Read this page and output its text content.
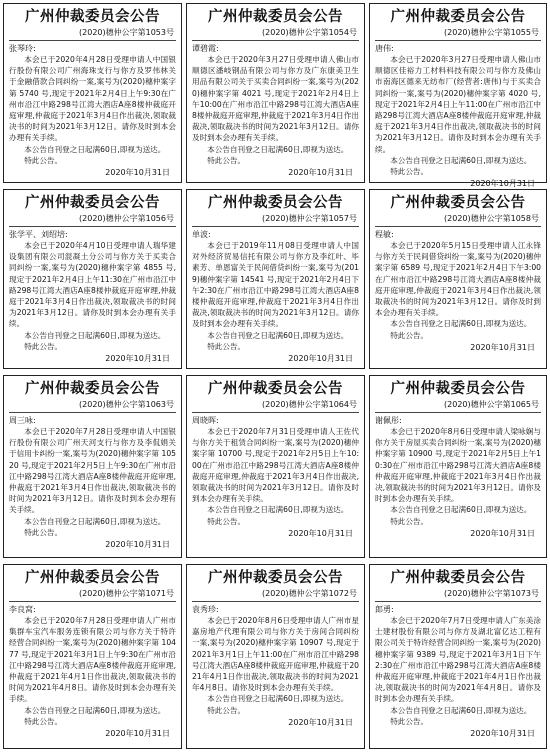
广州仲裁委员会公告
(2020)穗仲公字第1053号

张琴玲:

本会已于2020年4月28日受理申请人中国银行股份有限公司广州海珠支行与你方及罗伟林关于金融借款合同纠纷一案,案号为(2020)穗仲案字第 5740 号,现定于2021年2月4日上午9:30在广州市沿江中路298号江湾大酒店A座8楼仲裁庭开庭审理,仲裁庭于2021年3月4日作出裁决,领取裁决书的时间为2021年3月12日。请你及时到本会办理有关手续。

本公告自刊登之日起满60日,即视为送达。

特此公告。

2020年10月31日
广州仲裁委员会公告
(2020)穗仲公字第1054号

谭碧霞:

本会已于2020年3月27日受理申请人佛山市顺德区潘岐钢品有限公司与你方及广东康美卫生用品有限公司关于买卖合同纠纷一案,案号为(2020)穗仲案字第 4021 号,现定于2021年2月4日上午10:00在广州市沿江中路298号江湾大酒店A座8楼仲裁庭开庭审理,仲裁庭于2021年3月4日作出裁决,领取裁决书的时间为2021年3月12日。请你及时到本会办理有关手续。

本公告自刊登之日起满60日,即视为送达。

特此公告。

2020年10月31日
广州仲裁委员会公告
(2020)穗仲公字第1055号

唐伟:

本会已于2020年3月27日受理申请人佛山市顺德区佳裕力工材料科技有限公司与你方及佛山市南海区德来无纺布厂(经营者:唐伟)与于买卖合同纠纷一案,案号为(2020)穗仲案字第 4020 号,现定于2021年2月4日上午11:00在广州市沿江中路298号江湾大酒店A座8楼仲裁庭开庭审理,仲裁庭于2021年3月4日作出裁决,领取裁决书的时间为2021年3月12日。请你及时到本会办理有关手续。

本公告自刊登之日起满60日,即视为送达。

特此公告。

2020年10月31日
广州仲裁委员会公告
(2020)穗仲公字第1056号

张学平、刘绍培:

本会已于2020年4月10日受理申请人瑞华建设集团有限公司混凝土分公司与你方关于买卖合同纠纷一案,案号为(2020)穗仲案字第 4855 号,现定于2021年2月4日上午11:30在广州市沿江中路298号江湾大酒店A座8楼仲裁庭开庭审理,仲裁庭于2021年3月4日作出裁决,领取裁决书的时间为2021年3月12日。请你及时到本会办理有关手续。

本公告自刊登之日起满60日,即视为送达。

特此公告。

2020年10月31日
广州仲裁委员会公告
(2020)穗仲公字第1057号

单波:

本会已于2019年11月08日受理申请人中国对外经济贸易信托有限公司与你方及李红叶、毕素芳、单恩富关于民间借贷纠纷一案,案号为(2019)穗仲案字第 14541 号,现定于2021年2月4日下午2:30在广州市沿江中路298号江湾大酒店A座8楼仲裁庭开庭审理,仲裁庭于2021年3月4日作出裁决,领取裁决书的时间为2021年3月12日。请你及时到本会办理有关手续。

本公告自刊登之日起满60日,即视为送达。

特此公告。

2020年10月31日
广州仲裁委员会公告
(2020)穗仲公字第1058号

程敏:

本会已于2020年5月15日受理申请人江永锋与你方关于民间借贷纠纷一案,案号为(2020)穗仲案字第 6589 号,现定于2021年2月4日下午3:00在广州市沿江中路298号江湾大酒店A座8楼仲裁庭开庭审理,仲裁庭于2021年3月4日作出裁决,领取裁决书的时间为2021年3月12日。请你及时到本会办理有关手续。

本公告自刊登之日起满60日,即视为送达。

特此公告。

2020年10月31日
广州仲裁委员会公告
(2020)穗仲公字第1063号

周三咏:

本会已于2020年7月28日受理申请人中国银行股份有限公司广州天河支行与你方及李侃娟关于信用卡纠纷一案,案号为(2020)穗仲案字第 10520 号,现定于2021年2月5日上午9:30在广州市沿江中路298号江湾大酒店A座8楼仲裁庭开庭审理,仲裁庭于2021年3月4日作出裁决,领取裁决书的时间为2021年3月12日。请你及时到本会办理有关手续。

本公告自刊登之日起满60日,即视为送达。

特此公告。

2020年10月31日
广州仲裁委员会公告
(2020)穗仲公字第1064号

周晓晖:

本会已于2020年7月31日受理申请人王佐代与你方关于租赁合同纠纷一案,案号为(2020)穗仲案字第 10700 号,现定于2021年2月5日上午10:00在广州市沿江中路298号江湾大酒店A座8楼仲裁庭开庭审理,仲裁庭于2021年3月4日作出裁决,领取裁决书的时间为2021年3月12日。请你及时到本会办理有关手续。

本公告自刊登之日起满60日,即视为送达。

特此公告。

2020年10月31日
广州仲裁委员会公告
(2020)穗仲公字第1065号

谢佩彤:

本会已于2020年8月6日受理申请人梁咏娴与你方关于房屋买卖合同纠纷一案,案号为(2020)穗仲案字第 10900 号,现定于2021年2月5日上午10:30在广州市沿江中路298号江湾大酒店A座8楼仲裁庭开庭审理,仲裁庭于2021年3月4日作出裁决,领取裁决书的时间为2021年3月12日。请你及时到本会办理有关手续。

本公告自刊登之日起满60日,即视为送达。

特此公告。

2020年10月31日
广州仲裁委员会公告
(2020)穗仲公字第1071号

李良窝:

本会已于2020年7月28日受理申请人广州市集群车宝汽车服务连锁有限公司与你方关于特许经营合同纠纷一案,案号为(2020)穗仲案字第 10477 号,现定于2021年3月1日上午9:30在广州市沿江中路298号江湾大酒店A座8楼仲裁庭开庭审理,仲裁庭于2021年4月1日作出裁决,领取裁决书的时间为2021年4月8日。请你及时到本会办理有关手续。

本公告自刊登之日起满60日,即视为送达。

特此公告。

2020年10月31日
广州仲裁委员会公告
(2020)穗仲公字第1072号

袁秀珍:

本会已于2020年8月6日受理申请人广州市星嘉房地产代理有限公司与你方关于房间合同纠纷一案,案号为(2020)穗仲案字第 10907 号,现定于2021年3月1日上午11:00在广州市沿江中路298号江湾大酒店A座8楼仲裁庭开庭审理,仲裁庭于2021年4月1日作出裁决,领取裁决书的时间为2021年4月8日。请你及时到本会办理有关手续。

本公告自刊登之日起满60日,即视为送达。

特此公告。

2020年10月31日
广州仲裁委员会公告
(2020)穗仲公字第1073号

郎勇:

本会已于2020年7月7日受理申请人广东美涂士建材股份有限公司与你方及湖北富亿达工程有限公司关于特许经营合同纠纷一案,案号为(2020)穗仲案字第 9389 号,现定于2021年3月1日下午2:30在广州市沿江中路298号江湾大酒店A座8楼仲裁庭开庭审理,仲裁庭于2021年4月1日作出裁决,领取裁决书的时间为2021年4月8日。请你及时到本会办理有关手续。

本公告自刊登之日起满60日,即视为送达。

特此公告。

2020年10月31日
